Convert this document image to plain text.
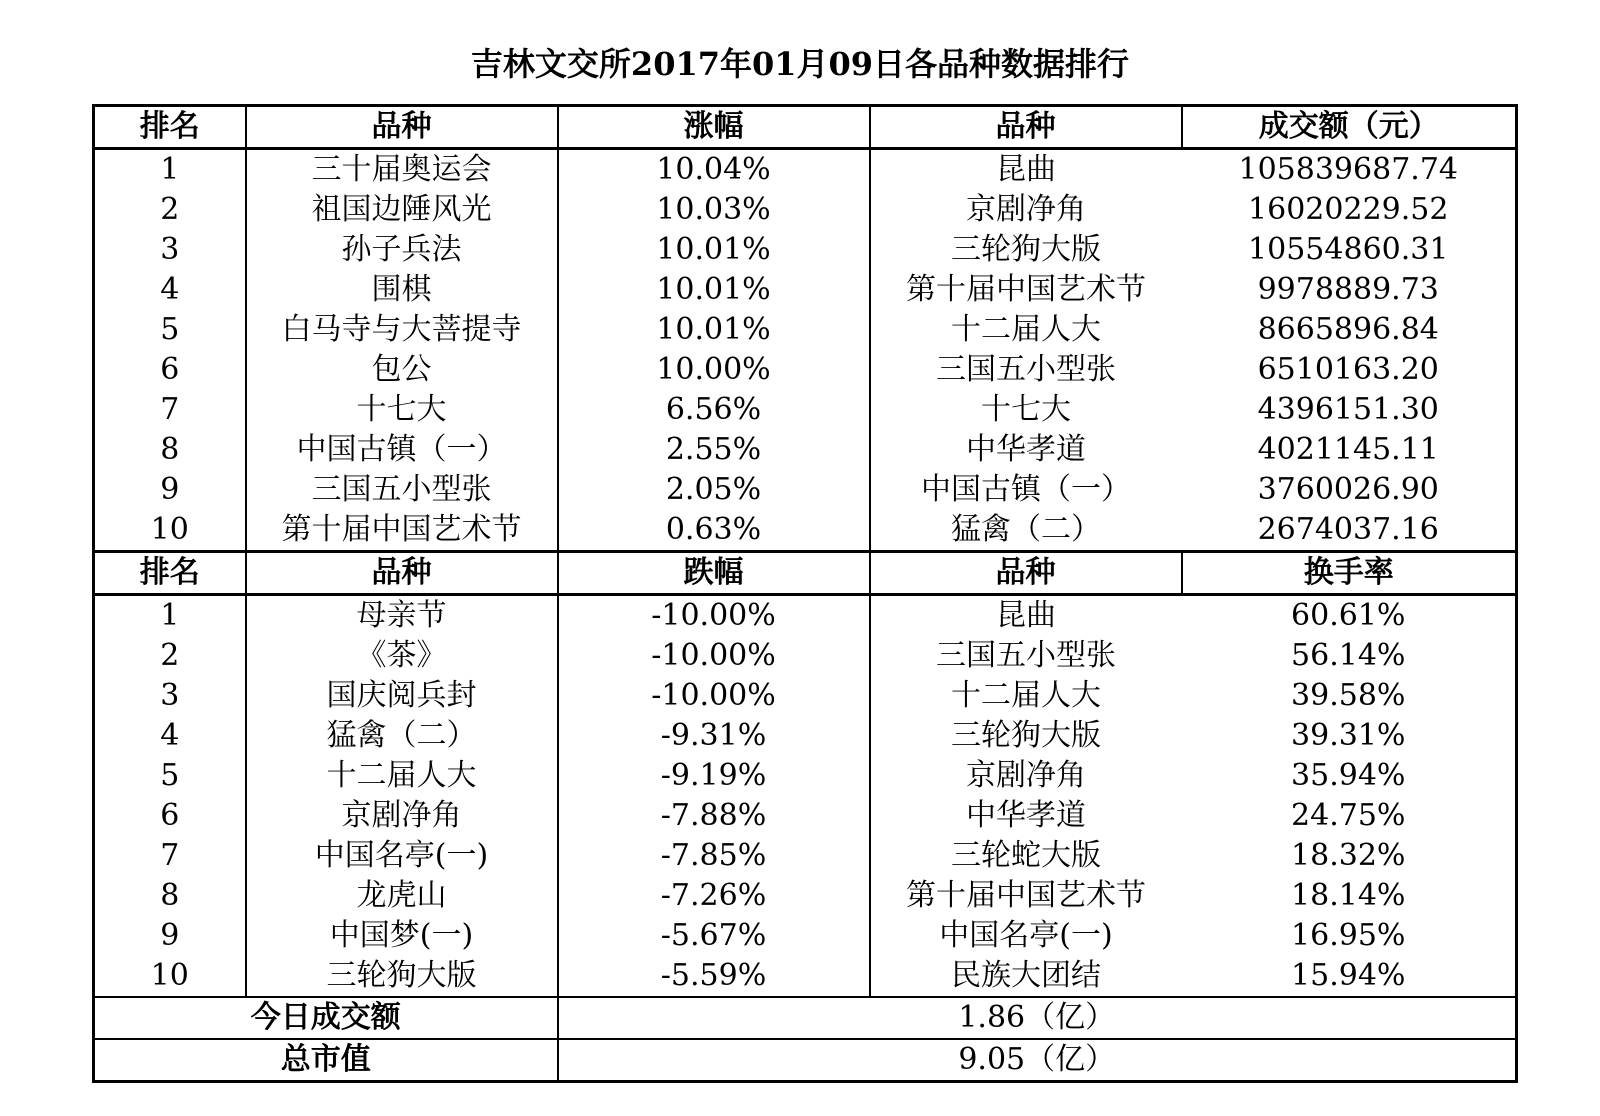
吉林文交所2017年01月09日各品种数据排行
排名	品种	涨幅	品种	成交额（元）
1	三十届奥运会	10.04%	昆曲	105839687.74
2	祖国边陲风光	10.03%	京剧净角	16020229.52
3	孙子兵法	10.01%	三轮狗大版	10554860.31
4	围棋	10.01%	第十届中国艺术节	9978889.73
5	白马寺与大菩提寺	10.01%	十二届人大	8665896.84
6	包公	10.00%	三国五小型张	6510163.20
7	十七大	6.56%	十七大	4396151.30
8	中国古镇（一）	2.55%	中华孝道	4021145.11
9	三国五小型张	2.05%	中国古镇（一）	3760026.90
10	第十届中国艺术节	0.63%	猛禽（二）	2674037.16
排名	品种	跌幅	品种	换手率
1	母亲节	-10.00%	昆曲	60.61%
2	《茶》	-10.00%	三国五小型张	56.14%
3	国庆阅兵封	-10.00%	十二届人大	39.58%
4	猛禽（二）	-9.31%	三轮狗大版	39.31%
5	十二届人大	-9.19%	京剧净角	35.94%
6	京剧净角	-7.88%	中华孝道	24.75%
7	中国名亭(一)	-7.85%	三轮蛇大版	18.32%
8	龙虎山	-7.26%	第十届中国艺术节	18.14%
9	中国梦(一)	-5.67%	中国名亭(一)	16.95%
10	三轮狗大版	-5.59%	民族大团结	15.94%
今日成交额		1.86（亿）		
总市值		9.05（亿）		
